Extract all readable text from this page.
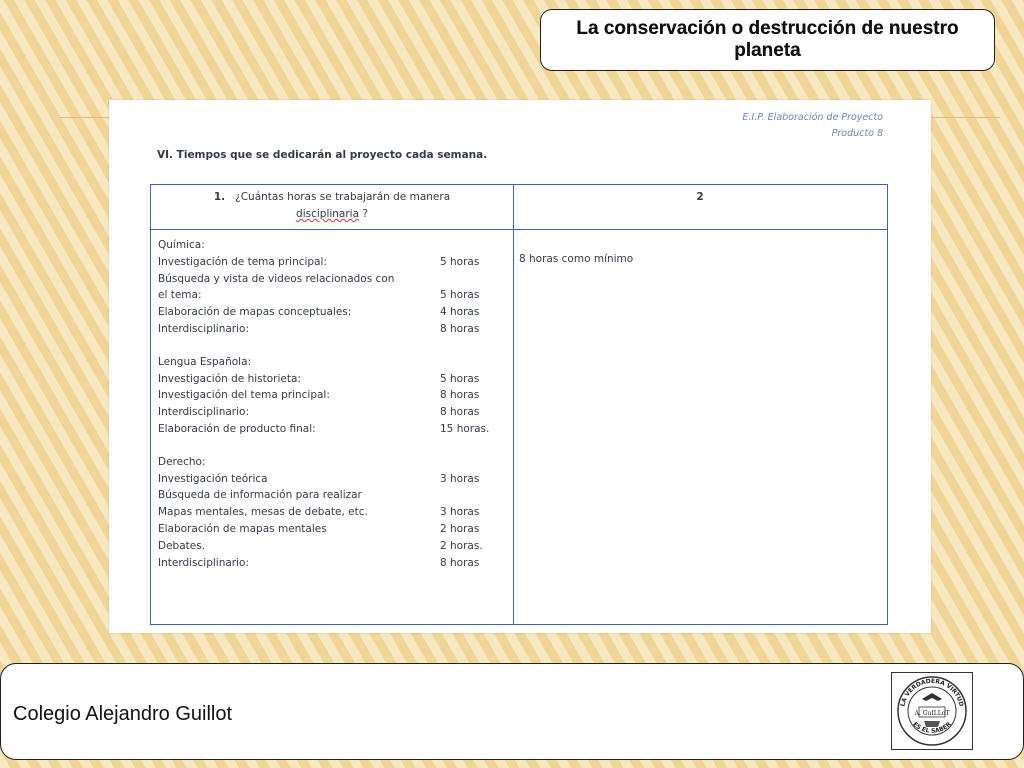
La conservación o destrucción de nuestro planeta
E.I.P. Elaboración de Proyecto
Producto 8
VI. Tiempos que se dedicarán al proyecto cada semana.
1. ¿Cuántas horas se trabajarán de manera
disciplinaria ?
2
Química:
Investigación de tema principal:	5 horas
Búsqueda y vista de videos relacionados con
el tema:	5 horas
Elaboración de mapas conceptuales:	4 horas
Interdisciplinario:	8 horas
Lengua Española:
Investigación de historieta:	5 horas
Investigación del tema principal:	8 horas
Interdisciplinario:	8 horas
Elaboración de producto final:	15 horas.
Derecho:
Investigación teórica	3 horas
Búsqueda de información para realizar
Mapas mentales, mesas de debate, etc.	3 horas
Elaboración de mapas mentales	2 horas
Debates.	2 horas.
Interdisciplinario:	8 horas
8 horas como mínimo
Colegio Alejandro Guillot	LA VERDADERA VIRTUD
ES EL SABER
A. GuILLoT
